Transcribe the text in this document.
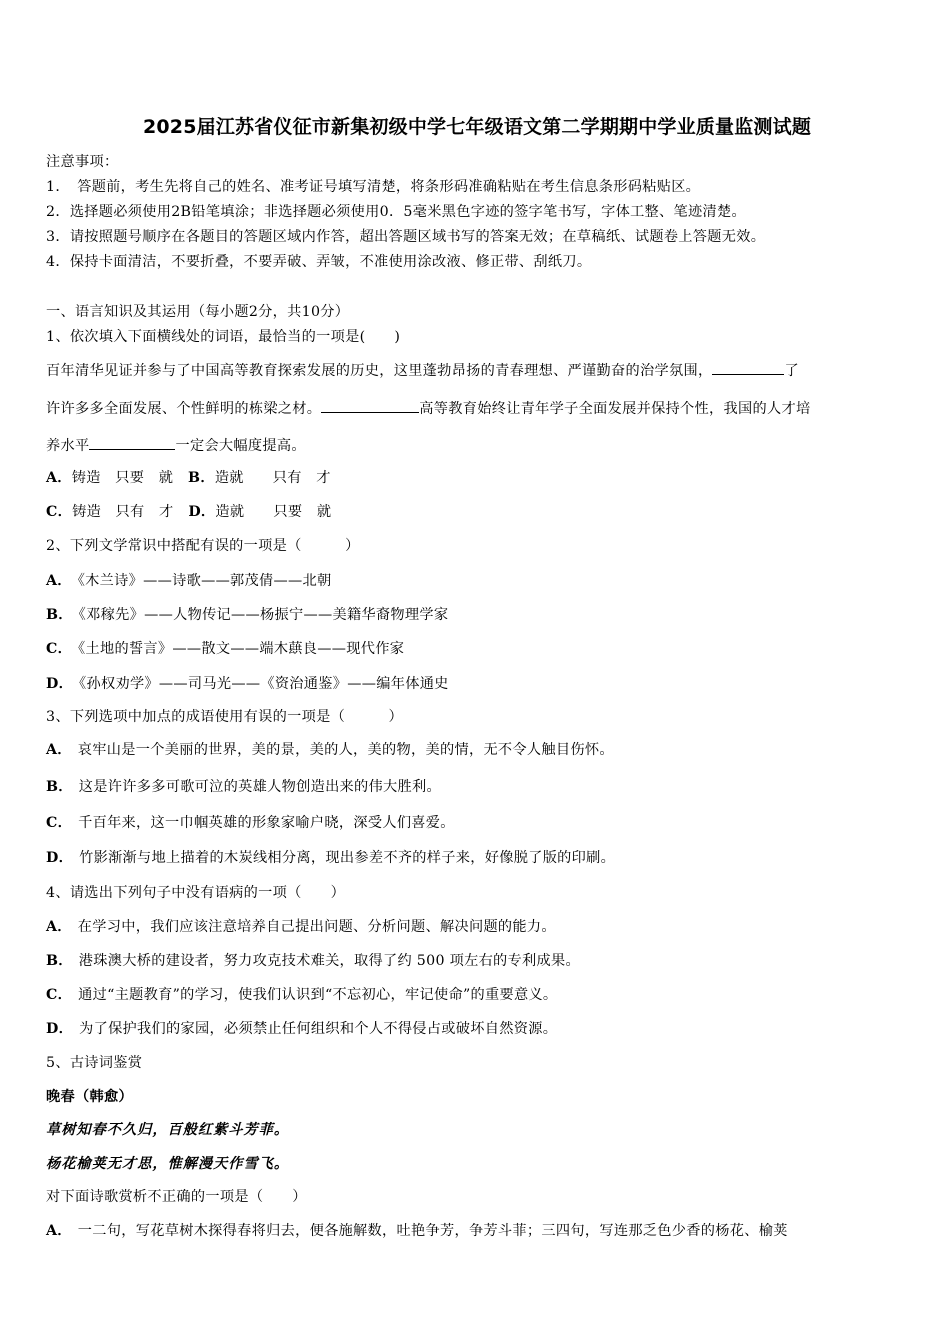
2025届江苏省仪征市新集初级中学七年级语文第二学期期中学业质量监测试题
注意事项：
1．　答题前，考生先将自己的姓名、准考证号填写清楚，将条形码准确粘贴在考生信息条形码粘贴区。
2．选择题必须使用2B铅笔填涂；非选择题必须使用0．5毫米黑色字迹的签字笔书写，字体工整、笔迹清楚。
3．请按照题号顺序在各题目的答题区域内作答，超出答题区域书写的答案无效；在草稿纸、试题卷上答题无效。
4．保持卡面清洁，不要折叠，不要弄破、弄皱，不准使用涂改液、修正带、刮纸刀。
一、语言知识及其运用（每小题2分，共10分）
1、依次填入下面横线处的词语，最恰当的一项是(　　)
百年清华见证并参与了中国高等教育探索发展的历史，这里蓬勃昂扬的青春理想、严谨勤奋的治学氛围，	了
许许多多全面发展、个性鲜明的栋梁之材。	高等教育始终让青年学子全面发展并保持个性，我国的人才培
养水平	一定会大幅度提高。
A．铸造　只要　就 B．造就　　只有　才
C．铸造　只有　才 D．造就　　只要　就
2、下列文学常识中搭配有误的一项是（　　　）
A． 《木兰诗》——诗歌——郭茂倩——北朝
B． 《邓稼先》——人物传记——杨振宁——美籍华裔物理学家
C． 《土地的誓言》——散文——端木蕻良——现代作家
D． 《孙权劝学》——司马光——《资治通鉴》——编年体通史
3、下列选项中加点的成语使用有误的一项是（　　　）
A． 哀牢山是一个美丽的世界，美的景，美的人，美的物，美的情，无不令人触目伤怀。
B． 这是许许多多可歌可泣的英雄人物创造出来的伟大胜利。
C． 千百年来，这一巾帼英雄的形象家喻户晓，深受人们喜爱。
D． 竹影渐渐与地上描着的木炭线相分离，现出参差不齐的样子来，好像脱了版的印刷。
4、请选出下列句子中没有语病的一项（　　）
A． 在学习中，我们应该注意培养自己提出问题、分析问题、解决问题的能力。
B． 港珠澳大桥的建设者，努力攻克技术难关，取得了约 500 项左右的专利成果。
C． 通过“主题教育”的学习，使我们认识到“不忘初心，牢记使命”的重要意义。
D． 为了保护我们的家园，必须禁止任何组织和个人不得侵占或破坏自然资源。
5、古诗词鉴赏
晚春（韩愈）
草树知春不久归，百般红紫斗芳菲。
杨花榆荚无才思，惟解漫天作雪飞。
对下面诗歌赏析不正确的一项是（　　）
A． 一二句，写花草树木探得春将归去，便各施解数，吐艳争芳，争芳斗菲；三四句，写连那乏色少香的杨花、榆荚
